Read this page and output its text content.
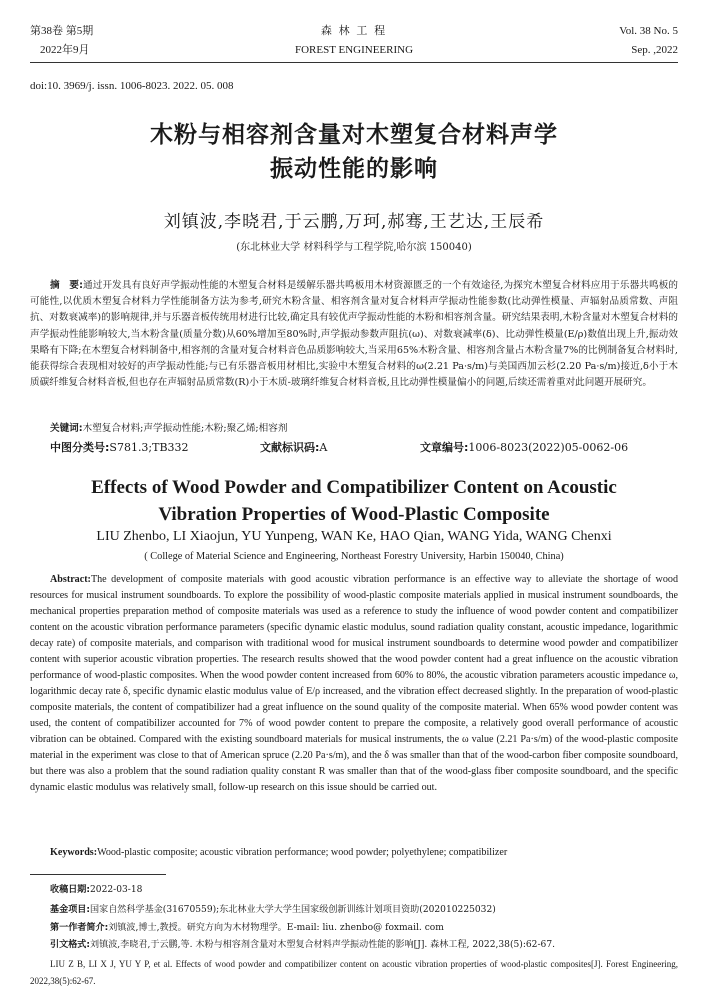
第38卷 第5期
2022年9月
森 林 工 程
FOREST ENGINEERING
Vol. 38 No. 5
Sep. ,2022
doi:10. 3969/j. issn. 1006-8023. 2022. 05. 008
木粉与相容剂含量对木塑复合材料声学
振动性能的影响
刘镇波,李晓君,于云鹏,万珂,郝骞,王艺达,王辰希
(东北林业大学 材料科学与工程学院,哈尔滨 150040)
摘　要:通过开发具有良好声学振动性能的木塑复合材料是缓解乐器共鸣板用木材资源匮乏的一个有效途径,为探究木塑复合材料应用于乐器共鸣板的可能性,以优质木塑复合材料力学性能制备方法为参考,研究木粉含量、相容剂含量对复合材料声学振动性能参数(比动弹性模量、声辐射品质常数、声阻抗、对数衰减率)的影响规律,并与乐器音板传统用材进行比较,确定具有较优声学振动性能的木粉和相容剂含量。研究结果表明,木粉含量对木塑复合材料的声学振动性能影响较大,当木粉含量(质量分数)从60%增加至80%时,声学振动参数声阻抗(ω)、对数衰减率(δ)、比动弹性模量(E/ρ)数值出现上升,振动效果略有下降;在木塑复合材料制备中,相容剂的含量对复合材料音色品质影响较大,当采用65%木粉含量、相容剂含量占木粉含量7%的比例制备复合材料时,能获得综合表现相对较好的声学振动性能;与已有乐器音板用材相比,实验中木塑复合材料的ω(2.21 Pa·s/m)与美国西加云杉(2.20 Pa·s/m)接近,δ小于木质碳纤维复合材料音板,但也存在声辐射品质常数(R)小于木质-玻璃纤维复合材料音板,且比动弹性模量偏小的问题,后续还需着重对此问题开展研究。
关键词:木塑复合材料;声学振动性能;木粉;聚乙烯;相容剂
中图分类号:S781.3;TB332	文献标识码:A	文章编号:1006-8023(2022)05-0062-06
Effects of Wood Powder and Compatibilizer Content on Acoustic
Vibration Properties of Wood-Plastic Composite
LIU Zhenbo, LI Xiaojun, YU Yunpeng, WAN Ke, HAO Qian, WANG Yida, WANG Chenxi
( College of Material Science and Engineering, Northeast Forestry University, Harbin 150040, China)
Abstract:The development of composite materials with good acoustic vibration performance is an effective way to alleviate the shortage of wood resources for musical instrument soundboards. To explore the possibility of wood-plastic composite materials applied in musical instrument soundboards, the mechanical properties preparation method of composite materials was used as a reference to study the influence of wood powder content and compatibilizer content on the acoustic vibration performance parameters (specific dynamic elastic modulus, sound radiation quality constant, acoustic impedance, logarithmic decay rate) of composite materials, and comparison with traditional wood for musical instrument soundboards to determine wood powder and compatibilizer content with superior acoustic vibration properties. The research results showed that the wood powder content had a great influence on the acoustic vibration performance of wood-plastic composites. When the wood powder content increased from 60% to 80%, the acoustic vibration parameters acoustic impedance ω, logarithmic decay rate δ, specific dynamic elastic modulus value of E/ρ increased, and the vibration effect decreased slightly. In the preparation of wood-plastic composite materials, the content of compatibilizer had a great influence on the sound quality of the composite material. When 65% wood powder content was used, the content of compatibilizer accounted for 7% of wood powder content to prepare the composite, a relatively good overall performance of acoustic vibration can be obtained. Compared with the existing soundboard materials for musical instruments, the ω value (2.21 Pa·s/m) of the wood-plastic composite material in the experiment was close to that of American spruce (2.20 Pa·s/m), and the δ was smaller than that of the wood-carbon fiber composite soundboard, but there was also a problem that the sound radiation quality constant R was smaller than that of the wood-glass fiber composite soundboard, and the specific dynamic elastic modulus was relatively small, follow-up research on this issue should be carried out.
Keywords:Wood-plastic composite; acoustic vibration performance; wood powder; polyethylene; compatibilizer
收稿日期:2022-03-18
基金项目:国家自然科学基金(31670559);东北林业大学大学生国家级创新训练计划项目资助(202010225032)
第一作者简介:刘镇波,博士,教授。研究方向为木材物理学。E-mail: liu. zhenbo@ foxmail. com
引文格式:刘镇波,李晓君,于云鹏,等. 木粉与相容剂含量对木塑复合材料声学振动性能的影响[J]. 森林工程, 2022,38(5):62-67.
LIU Z B, LI X J, YU Y P, et al. Effects of wood powder and compatibilizer content on acoustic vibration properties of wood-plastic composites[J]. Forest Engineering, 2022,38(5):62-67.
